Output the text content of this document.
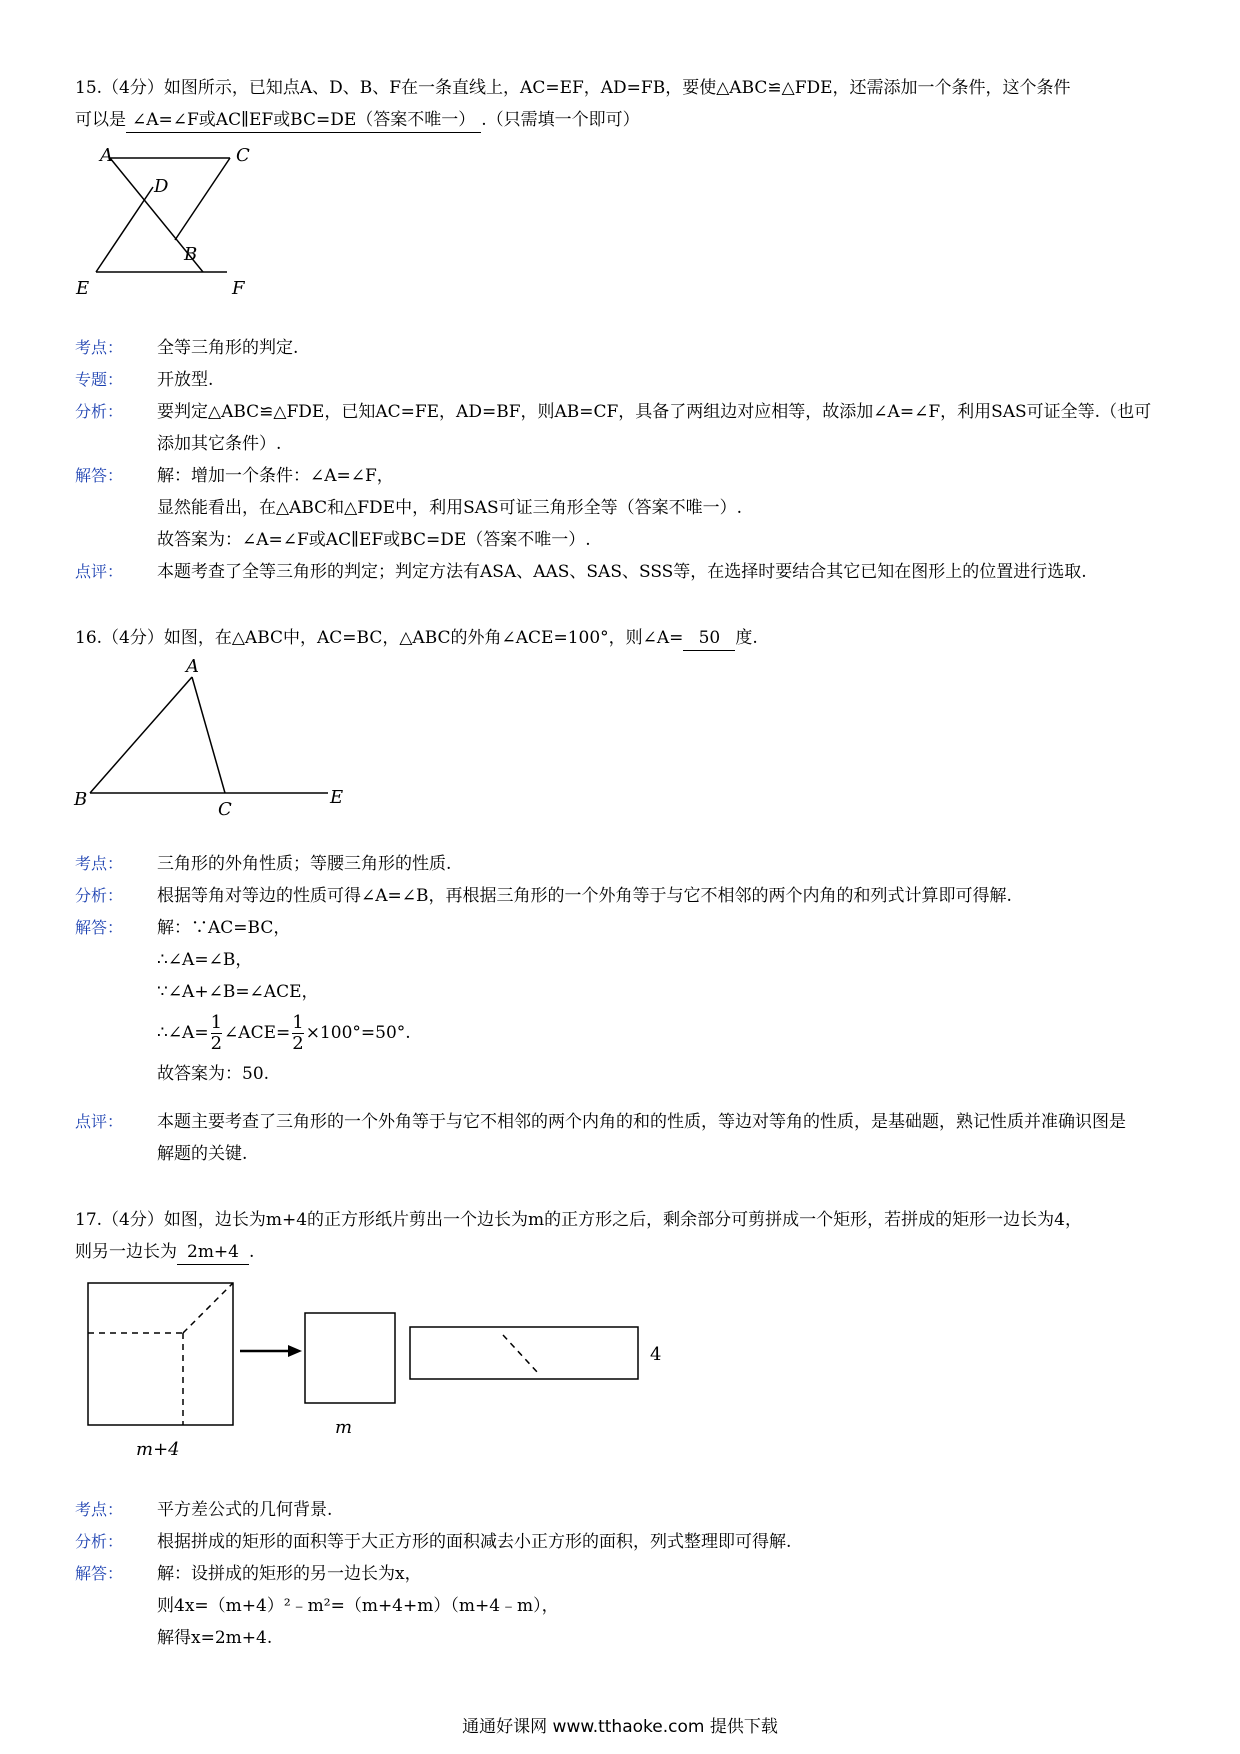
15.（4分）如图所示，已知点A、D、B、F在一条直线上，AC=EF，AD=FB，要使△ABC≌△FDE，还需添加一个条件，这个条件
可以是 ∠A=∠F或AC∥EF或BC=DE（答案不唯一） .（只需填一个即可）
A	C
D
B
E	F
考点：	全等三角形的判定.
专题：	开放型.
分析：	要判定△ABC≌△FDE，已知AC=FE，AD=BF，则AB=CF，具备了两组边对应相等，故添加∠A=∠F，利用SAS可证全等.（也可
添加其它条件）.
解答：	解：增加一个条件：∠A=∠F，
显然能看出，在△ABC和△FDE中，利用SAS可证三角形全等（答案不唯一）.
故答案为：∠A=∠F或AC∥EF或BC=DE（答案不唯一）.
点评：	本题考查了全等三角形的判定；判定方法有ASA、AAS、SAS、SSS等，在选择时要结合其它已知在图形上的位置进行选取.
16.（4分）如图，在△ABC中，AC=BC，△ABC的外角∠ACE=100°，则∠A= 50 度.
A
B	C
E
考点：	三角形的外角性质；等腰三角形的性质.
分析：	根据等角对等边的性质可得∠A=∠B，再根据三角形的一个外角等于与它不相邻的两个内角的和列式计算即可得解.
解答：	解：∵AC=BC，
∴∠A=∠B，
∵∠A+∠B=∠ACE，
∴∠A= $\frac{1}{2}$ ∠ACE= $\frac{1}{2} \times 100^\circ=50^\circ$.
故答案为：50.
点评：	本题主要考查了三角形的一个外角等于与它不相邻的两个内角的和的性质，等边对等角的性质，是基础题，熟记性质并准确识图是
解题的关键.
17.（4分）如图，边长为m+4的正方形纸片剪出一个边长为m的正方形之后，剩余部分可剪拼成一个矩形，若拼成的矩形一边长为4，
则另一边长为 2m+4 .
m+4
m
4
考点：	平方差公式的几何背景.
分析：	根据拼成的矩形的面积等于大正方形的面积减去小正方形的面积，列式整理即可得解.
解答：	解：设拼成的矩形的另一边长为x，
则4x=（m+4）²﹣m²=（m+4+m）（m+4﹣m），
解得x=2m+4.
通通好课网 www.tthaoke.com 提供下载
